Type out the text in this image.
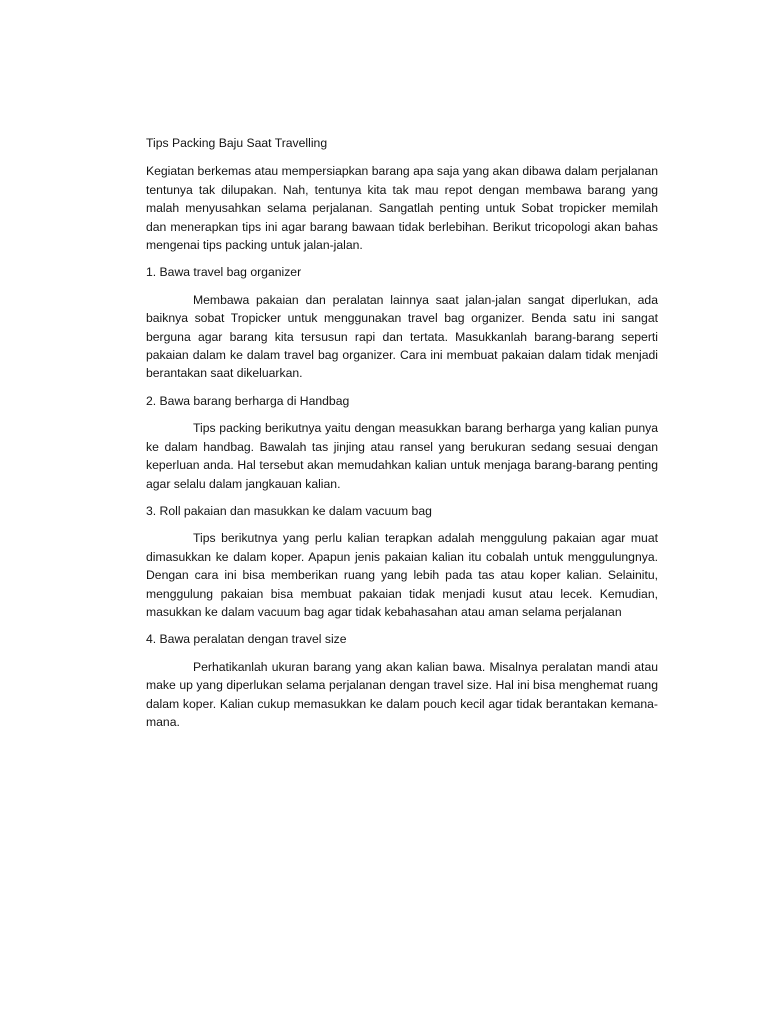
Tips Packing Baju Saat Travelling

Kegiatan berkemas atau mempersiapkan barang apa saja yang akan dibawa dalam perjalanan tentunya tak dilupakan. Nah, tentunya kita tak mau repot dengan membawa barang yang malah menyusahkan selama perjalanan. Sangatlah penting untuk Sobat tropicker memilah dan menerapkan tips ini agar barang bawaan tidak berlebihan. Berikut tricopologi akan bahas mengenai tips packing untuk jalan-jalan.

1. Bawa travel bag organizer

Membawa pakaian dan peralatan lainnya saat jalan-jalan sangat diperlukan, ada baiknya sobat Tropicker untuk menggunakan travel bag organizer. Benda satu ini sangat berguna agar barang kita tersusun rapi dan tertata. Masukkanlah barang-barang seperti pakaian dalam ke dalam travel bag organizer. Cara ini membuat pakaian dalam tidak menjadi berantakan saat dikeluarkan.

2. Bawa barang berharga di Handbag

Tips packing berikutnya yaitu dengan measukkan barang berharga yang kalian punya ke dalam handbag. Bawalah tas jinjing atau ransel yang berukuran sedang sesuai dengan keperluan anda. Hal tersebut akan memudahkan kalian untuk menjaga barang-barang penting agar selalu dalam jangkauan kalian.

3. Roll pakaian dan masukkan ke dalam vacuum bag

Tips berikutnya yang perlu kalian terapkan adalah menggulung pakaian agar muat dimasukkan ke dalam koper. Apapun jenis pakaian kalian itu cobalah untuk menggulungnya. Dengan cara ini bisa memberikan ruang yang lebih pada tas atau koper kalian. Selainitu, menggulung pakaian bisa membuat pakaian tidak menjadi kusut atau lecek. Kemudian, masukkan ke dalam vacuum bag agar tidak kebahasahan atau aman selama perjalanan

4. Bawa peralatan dengan travel size

Perhatikanlah ukuran barang yang akan kalian bawa. Misalnya peralatan mandi atau make up yang diperlukan selama perjalanan dengan travel size. Hal ini bisa menghemat ruang dalam koper. Kalian cukup memasukkan ke dalam pouch kecil agar tidak berantakan kemana-mana.
